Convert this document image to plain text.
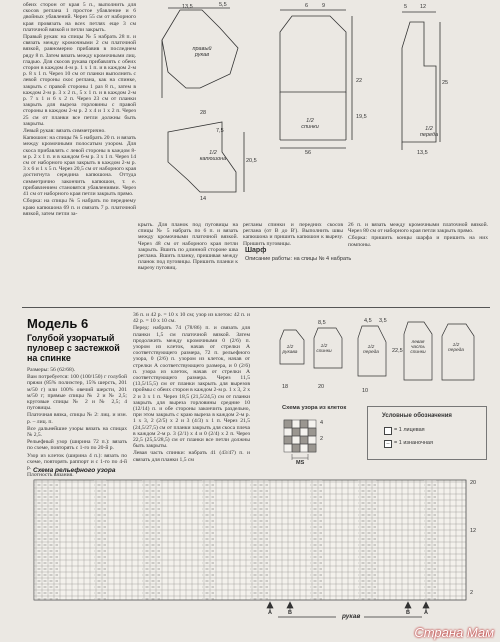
обеих сторон от края 5 п., выполнить для скосов реглана 1 простое убавление и 6 двойных убавлений. Через 55 см от наборного края провязать на всех петлях еще 3 см платочной вязкой и петли закрыть.

Правый рукав: на спицы № 5 набрать 28 п. и связать между кромочными 2 см платочной вязкой, равномерно прибавив в последнем ряду 8 п. Затем вязать между кромочными лиц. гладью. Для скосов рукава прибавлять с обеих сторон в каждом 4-м р. 1 х 1 п. и в каждом 2-м р. 8 х 1 п. Через 10 см от планки выполнить с левой стороны скос реглана, как на спинке, закрыть с правой стороны 1 раз 8 п., затем в каждом 2-м р. 3 х 2 п., 5 х 1 п. и в каждом 2-м р. 7 х 1 и 6 х 2 п. Через 23 см от планки закрыть для выреза горловины с правой стороны в каждом 2-м р. 2 х 4 и 1 х 2 п. Через 25 см от планки все петли должны быть закрыты.

Левый рукав: вязать симметрично.

Капюшон: на спицы № 5 набрать 20 п. и вязать между кромочными полосатым узором. Для скоса прибавлять с левой стороны в каждом 8-м р. 2 х 1 п. и в каждом 6-м р. 3 х 1 п. Через 14 см от наборного края закрыть в каждом 2-м р. 3 х 6 и 1 х 5 п. Через 20,5 см от наборного края достигнута середина капюшона. Оттуда симметрично закончить капюшон, т. е. прибавлением становятся убавлениями. Через 41 см от наборного края петли закрыть прямо.

Сборка: на спицы № 5 набрать по переднему краю капюшона 69 п. и связать 7 р. платочной вязкой, затем петли за-

правый рукав
1/2 капюшона
1/2 спинки	1/2 переда
13,5	5,5	6	9	5 12
22
19,5
56
28
13,5
25
20,5
14
7,5

крыть. Для планок под пуговицы на спицы № 5 набрать по 6 п. и вязать между кромочными платочной вязкой. Через 48 см от наборного края петли закрыть. Вшить по длинной стороне шва реглана. Вшить планку, пришивая между планок под пуговицы. Пришить планки к вырезу пуговиц.

регланы спинки и передних скосов реглана (от B до B'). Выполнить швы капюшона и пришить капюшон к вырезу. Пришить пуговицы.

26 п. и вязать между кромочными платочной вязкой. Через 80 см от наборного края петли закрыть прямо.

Сборка: пришить концы шарфа и пришить на них помпоны.

Шарф
Описание работы: на спицы № 4 набрать
Модель 6
Голубой узорчатый пуловер с застежкой на спинке

Размеры: 56 (62/68).

Вам потребуется: 100 (100/150) г голубой пряжи (85% полиэстер, 15% шерсть, 201 м/50 г) или 100% овечий шерсти, 201 м/50 г; прямые спицы № 2 и № 2,5; круговые спицы № 2 и № 2,5; 4 пуговицы.

Платочная вязка, спицы № 2: лиц. и изн. р. – лиц. п.

Все дальнейшие узоры вязать на спицах № 2,5.

Рельефный узор (ширина 72 п.): вязать по схеме, повторять с 1-го по 20-й р.

Узор из клеток (ширина 4 п.): вязать по схеме, повторять раппорт и с 1-го по 4-й р.

Плотность вязания.

36 п. и 42 р. = 10 х 10 см; узор из клеток: 42 п. и 42 р. = 10 х 10 см.

Перед: набрать 74 (78/86) п. и связать для планки 1,5 см платочной вязкой. Затем продолжить между кромочными 0 (2/6) п. узором из клеток, начав от стрелки A соответствующего размера, 72 п. рельефного узора, 0 (2/6) п. узором из клеток, начав от стрелки A соответствующего размера, и 0 (2/6) п. узора из клеток, начав от стрелки A соответствующего размера. Через 11,5 (13,5/15,5) см от планки закрыть для вырезов проймы с обеих сторон в каждом 2-м р. 1 х 3, 2 х 2 и 3 х 1 п. Через 18,5 (21,5/24,5) см от планки закрыть для выреза горловины средние 10 (12/14) п. и обе стороны закончить раздельно, при этом закрыть с краю выреза в каждом 2-м р. 1 х 3, 2 (2/5) х 2 и 3 (4/3) х 1 п. Через 21,5 (24,5/27,5) см от планки закрыть для скоса плеча в каждом 2-м р. 3 (2/1) х 4 и 0 (2/4) х 2 п. Через 22,5 (25,5/28,5) см от планки все петли должны быть закрыты.

Левая часть спинки: набрать 41 (43/47) п. и связать для планки 1,5 см

1/2 рукава
1/2 спинки
1/2 переда
левая часть спинки
1/2 переда
8,5	4,5 3,5
18	20
10
22,5
Схема узора из клеток
4
2
MS
Условные обозначения
= 1 лицевая
– = 1 изнаночная
Схема рельефного узора
20
12
2
A	B	B	A
рукав
Страна Мам
